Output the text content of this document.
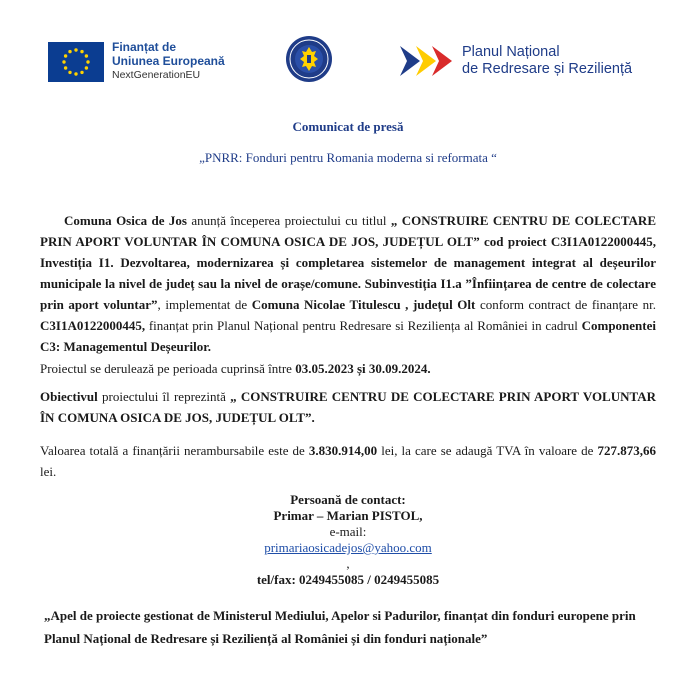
Finanțat de
Uniunea Europeană
NextGenerationEU
Planul Național
de Redresare și Reziliență
Comunicat de presă
„PNRR: Fonduri pentru Romania moderna si reformata “
Comuna Osica de Jos anunță începerea proiectului cu titlul „ CONSTRUIRE CENTRU DE COLECTARE PRIN APORT VOLUNTAR ÎN COMUNA OSICA DE JOS, JUDEȚUL OLT” cod proiect C3I1A0122000445, Investiția I1. Dezvoltarea, modernizarea și completarea sistemelor de management integrat al deșeurilor municipale la nivel de județ sau la nivel de orașe/comune. Subinvestiția I1.a ˮÎnființarea de centre de colectare prin aport voluntarˮ, implementat de Comuna Nicolae Titulescu , județul Olt conform contract de finanțare nr. C3I1A0122000445, finanțat prin Planul Național pentru Redresare si Reziliența al României in cadrul Componentei C3: Managementul Deșeurilor.
Proiectul se derulează pe perioada cuprinsă între 03.05.2023 și 30.09.2024.
Obiectivul proiectului îl reprezintă „ CONSTRUIRE CENTRU DE COLECTARE PRIN APORT VOLUNTAR ÎN COMUNA OSICA DE JOS, JUDEȚUL OLT”.
Valoarea totală a finanțării nerambursabile este de 3.830.914,00 lei, la care se adaugă TVA în valoare de 727.873,66 lei.
Persoană de contact:
Primar – Marian PISTOL,
e-mail:
primariaosicadejos@yahoo.com
,
tel/fax: 0249455085 / 0249455085
„Apel de proiecte gestionat de Ministerul Mediului, Apelor si Padurilor, finanțat din fonduri europene prin Planul Național de Redresare și Reziliență al României și din fonduri naționale”
